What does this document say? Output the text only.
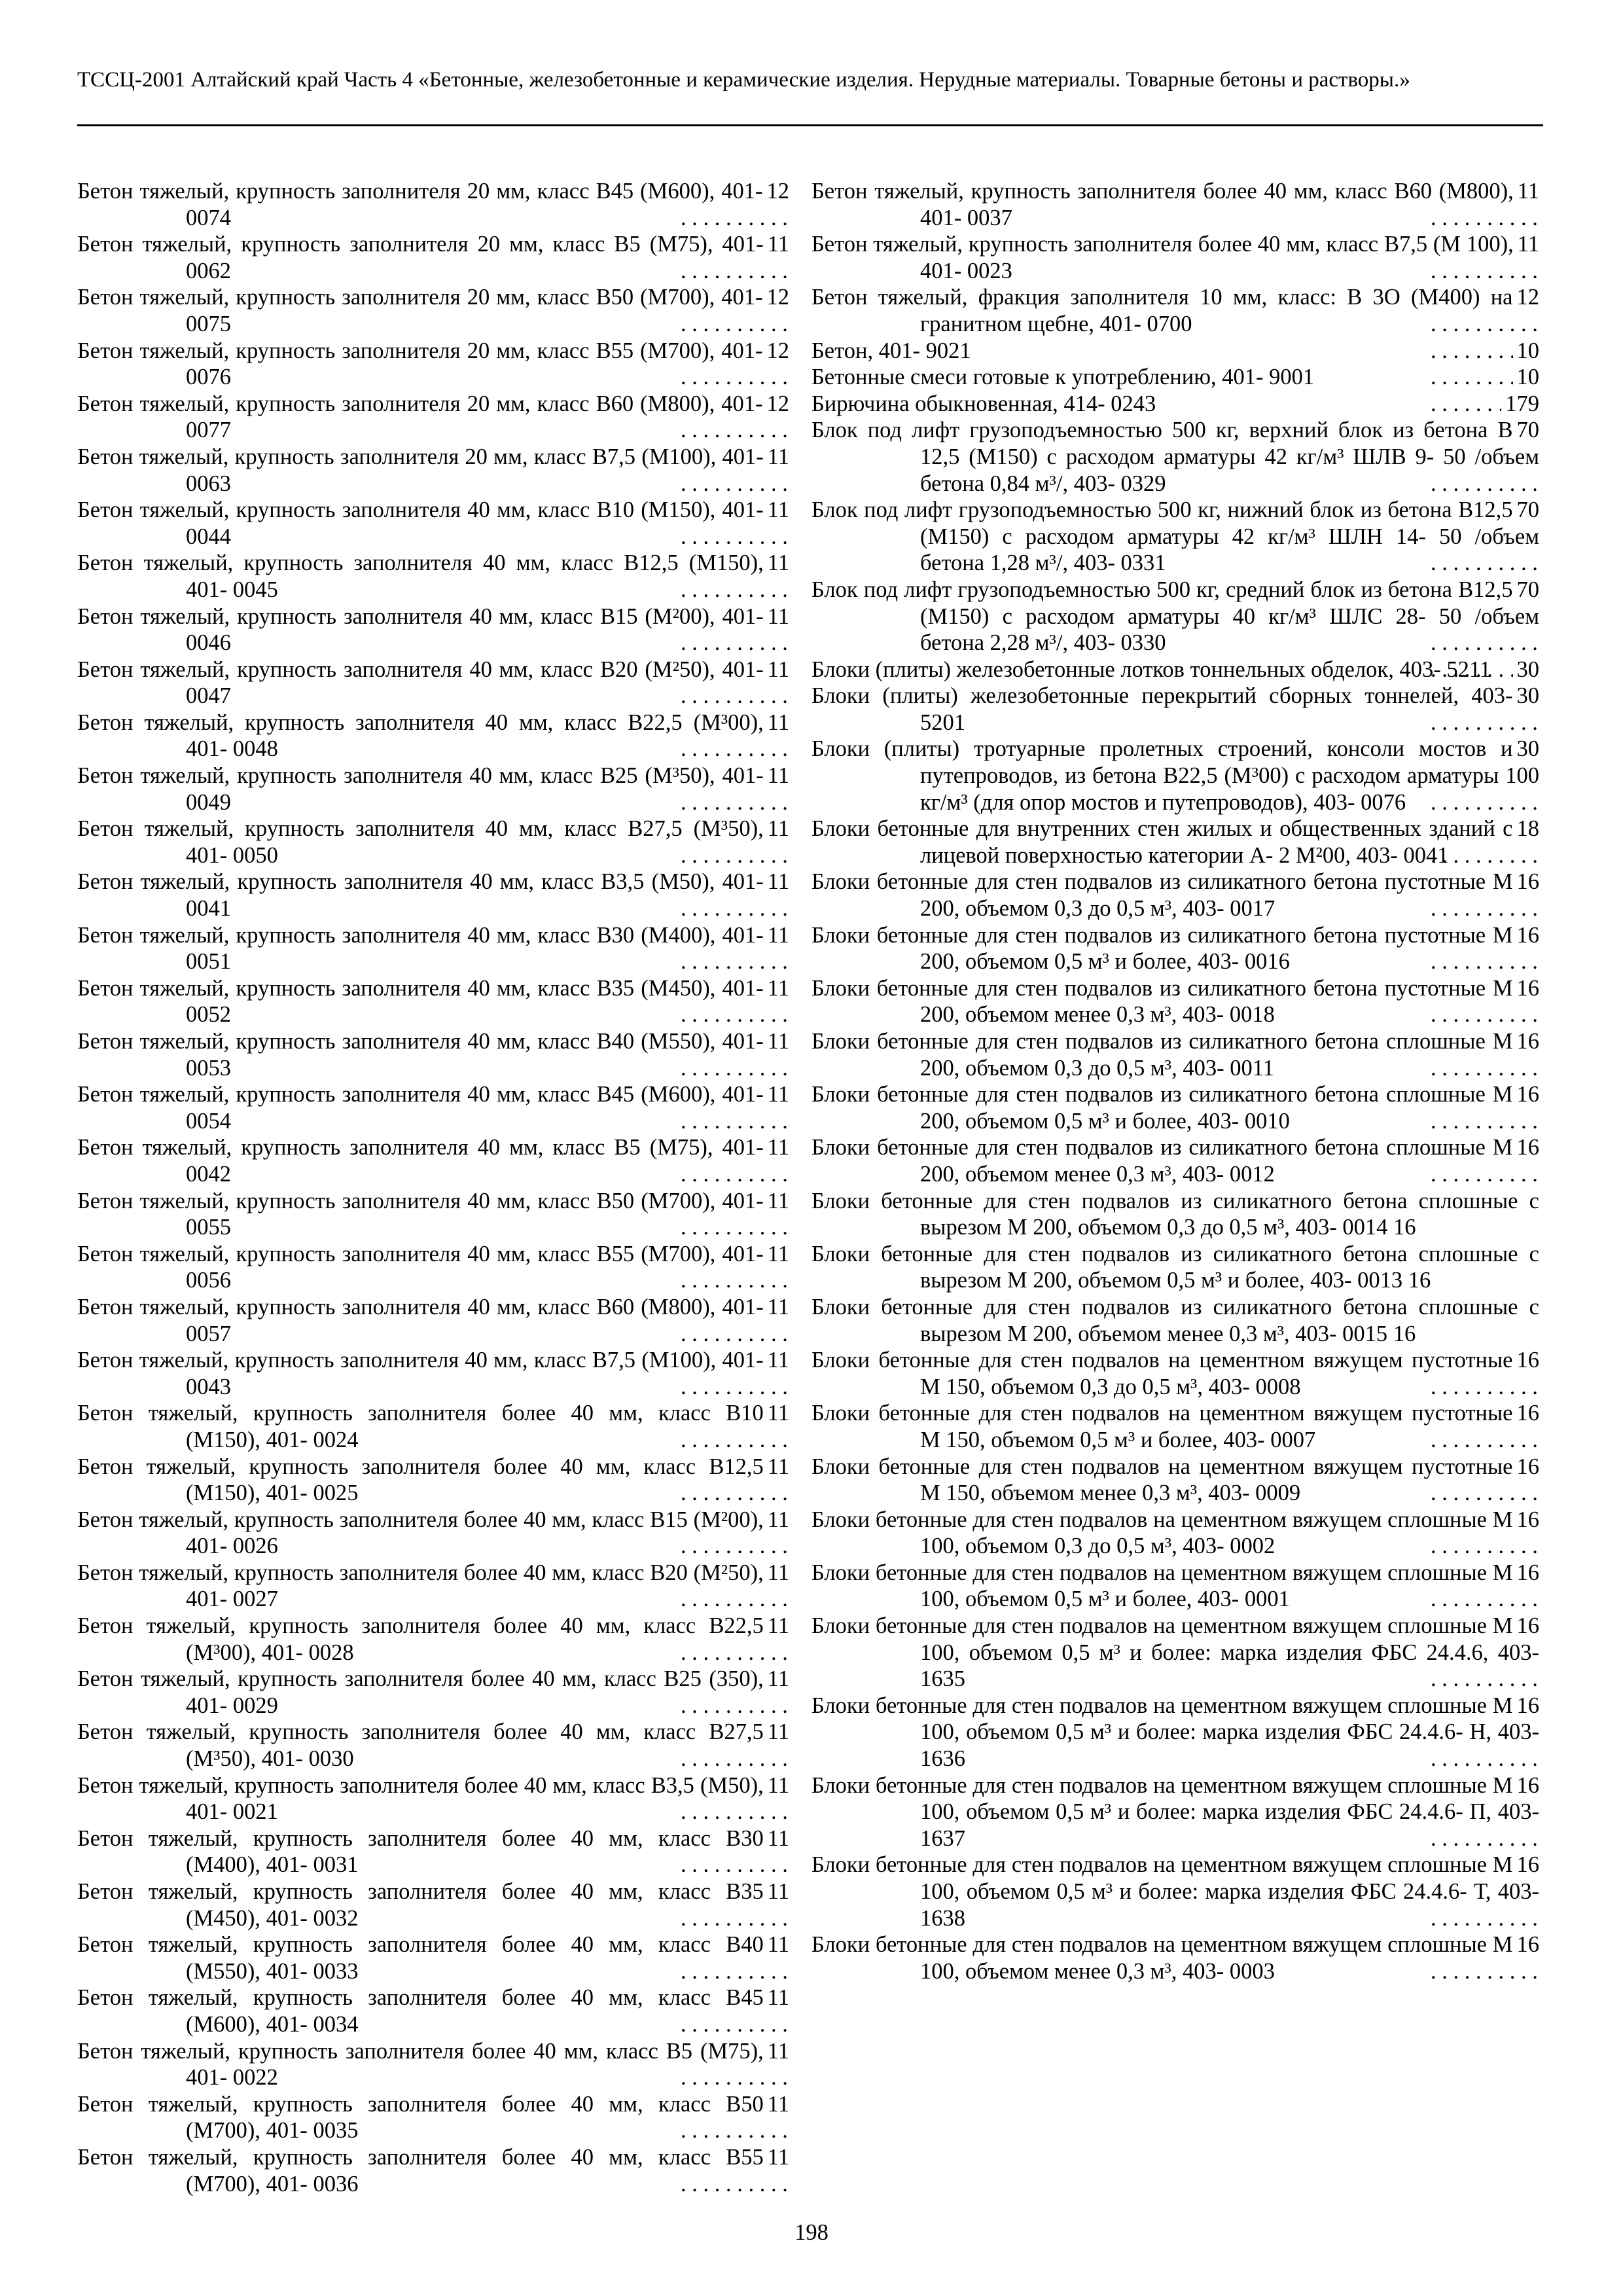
ТССЦ-2001 Алтайский край Часть 4 «Бетонные, железобетонные и керамические изделия. Нерудные материалы. Товарные бетоны и растворы.»
12
Бетон тяжелый, крупность заполнителя 20 мм, класс В45 (М600), 401- 0074 . . .
11
Бетон тяжелый, крупность заполнителя 20 мм, класс В5 (М75), 401- 0062 . . .
12
Бетон тяжелый, крупность заполнителя 20 мм, класс В50 (М700), 401- 0075 . . .
12
Бетон тяжелый, крупность заполнителя 20 мм, класс В55 (М700), 401- 0076 . . .
12
Бетон тяжелый, крупность заполнителя 20 мм, класс В60 (М800), 401- 0077 . . .
11
Бетон тяжелый, крупность заполнителя 20 мм, класс В7,5 (М100), 401- 0063 . . .
11
Бетон тяжелый, крупность заполнителя 40 мм, класс В10 (М150), 401- 0044 . . .
11
Бетон тяжелый, крупность заполнителя 40 мм, класс В12,5 (М150), 401- 0045 . . .
11
Бетон тяжелый, крупность заполнителя 40 мм, класс В15 (М²00), 401- 0046 . . .
11
Бетон тяжелый, крупность заполнителя 40 мм, класс В20 (М²50), 401- 0047 . . .
11
Бетон тяжелый, крупность заполнителя 40 мм, класс В22,5 (М³00), 401- 0048 . . .
11
Бетон тяжелый, крупность заполнителя 40 мм, класс В25 (М³50), 401- 0049 . . .
11
Бетон тяжелый, крупность заполнителя 40 мм, класс В27,5 (М³50), 401- 0050 . . .
11
Бетон тяжелый, крупность заполнителя 40 мм, класс В3,5 (М50), 401- 0041 . . .
11
Бетон тяжелый, крупность заполнителя 40 мм, класс В30 (М400), 401- 0051 . . .
11
Бетон тяжелый, крупность заполнителя 40 мм, класс В35 (М450), 401- 0052 . . .
11
Бетон тяжелый, крупность заполнителя 40 мм, класс В40 (М550), 401- 0053 . . .
11
Бетон тяжелый, крупность заполнителя 40 мм, класс В45 (М600), 401- 0054 . . .
11
Бетон тяжелый, крупность заполнителя 40 мм, класс В5 (М75), 401- 0042 . . .
11
Бетон тяжелый, крупность заполнителя 40 мм, класс В50 (М700), 401- 0055 . . .
11
Бетон тяжелый, крупность заполнителя 40 мм, класс В55 (М700), 401- 0056 . . .
11
Бетон тяжелый, крупность заполнителя 40 мм, класс В60 (М800), 401- 0057 . . .
11
Бетон тяжелый, крупность заполнителя 40 мм, класс В7,5 (М100), 401- 0043 . . .
11
Бетон тяжелый, крупность заполнителя более 40 мм, класс В10 (М150), 401- 0024 . . .
11
Бетон тяжелый, крупность заполнителя более 40 мм, класс В12,5 (М150), 401- 0025 . . .
11
Бетон тяжелый, крупность заполнителя более 40 мм, класс В15 (М²00), 401- 0026 . . .
11
Бетон тяжелый, крупность заполнителя более 40 мм, класс В20 (М²50), 401- 0027 . . .
11
Бетон тяжелый, крупность заполнителя более 40 мм, класс В22,5 (М³00), 401- 0028 . . .
11
Бетон тяжелый, крупность заполнителя более 40 мм, класс В25 (350), 401- 0029 . . .
11
Бетон тяжелый, крупность заполнителя более 40 мм, класс В27,5 (М³50), 401- 0030 . . .
11
Бетон тяжелый, крупность заполнителя более 40 мм, класс В3,5 (М50), 401- 0021 . . .
11
Бетон тяжелый, крупность заполнителя более 40 мм, класс В30 (М400), 401- 0031 . . .
11
Бетон тяжелый, крупность заполнителя более 40 мм, класс В35 (М450), 401- 0032 . . .
11
Бетон тяжелый, крупность заполнителя более 40 мм, класс В40 (М550), 401- 0033 . . .
11
Бетон тяжелый, крупность заполнителя более 40 мм, класс В45 (М600), 401- 0034 . . .
11
Бетон тяжелый, крупность заполнителя более 40 мм, класс В5 (М75), 401- 0022 . . .
11
Бетон тяжелый, крупность заполнителя более 40 мм, класс В50 (М700), 401- 0035 . . .
11
Бетон тяжелый, крупность заполнителя более 40 мм, класс В55 (М700), 401- 0036 . . .
11
Бетон тяжелый, крупность заполнителя более 40 мм, класс В60 (М800), 401- 0037 . . .
11
Бетон тяжелый, крупность заполнителя более 40 мм, класс В7,5 (М 100), 401- 0023 . . .
12
Бетон тяжелый, фракция заполнителя 10 мм, класс: В 3О (М400) на гранитном щебне, 401- 0700 . . .
10
Бетон, 401- 9021 . . .
10
Бетонные смеси готовые к употреблению, 401- 9001 . . .
179
Бирючина обыкновенная, 414- 0243 . . .
70
Блок под лифт грузоподъемностью 500 кг, верхний блок из бетона В 12,5 (М150) с расходом арматуры 42 кг/м³ ШЛВ 9- 50 /объем бетона 0,84 м³/, 403- 0329 . . .
70
Блок под лифт грузоподъемностью 500 кг, нижний блок из бетона В12,5 (М150) с расходом арматуры 42 кг/м³ ШЛН 14- 50 /объем бетона 1,28 м³/, 403- 0331 . . .
70
Блок под лифт грузоподъемностью 500 кг, средний блок из бетона В12,5 (М150) с расходом арматуры 40 кг/м³ ШЛС 28- 50 /объем бетона 2,28 м³/, 403- 0330 . . .
30
Блоки (плиты) железобетонные лотков тоннельных обделок, 403- 5211 . . .
30
Блоки (плиты) железобетонные перекрытий сборных тоннелей, 403- 5201 . . .
30
Блоки (плиты) тротуарные пролетных строений, консоли мостов и путепроводов, из бетона В22,5 (М³00) с расходом арматуры 100 кг/м³ (для опор мостов и путепроводов), 403- 0076 . . .
18
Блоки бетонные для внутренних стен жилых и общественных зданий с лицевой поверхностью категории А- 2 М²00, 403- 0041 . . .
16
Блоки бетонные для стен подвалов из силикатного бетона пустотные М 200, объемом 0,3 до 0,5 м³, 403- 0017 . . .
16
Блоки бетонные для стен подвалов из силикатного бетона пустотные М 200, объемом 0,5 м³ и более, 403- 0016 . . .
16
Блоки бетонные для стен подвалов из силикатного бетона пустотные М 200, объемом менее 0,3 м³, 403- 0018 . . .
16
Блоки бетонные для стен подвалов из силикатного бетона сплошные М 200, объемом 0,3 до 0,5 м³, 403- 0011 . . .
16
Блоки бетонные для стен подвалов из силикатного бетона сплошные М 200, объемом 0,5 м³ и более, 403- 0010 . . .
16
Блоки бетонные для стен подвалов из силикатного бетона сплошные М 200, объемом менее 0,3 м³, 403- 0012 . . .
Блоки бетонные для стен подвалов из силикатного бетона сплошные с вырезом М 200, объемом 0,3 до 0,5 м³, 403- 0014 16
Блоки бетонные для стен подвалов из силикатного бетона сплошные с вырезом М 200, объемом 0,5 м³ и более, 403- 0013 16
Блоки бетонные для стен подвалов из силикатного бетона сплошные с вырезом М 200, объемом менее 0,3 м³, 403- 0015 16
16
Блоки бетонные для стен подвалов на цементном вяжущем пустотные М 150, объемом 0,3 до 0,5 м³, 403- 0008 . . .
16
Блоки бетонные для стен подвалов на цементном вяжущем пустотные М 150, объемом 0,5 м³ и более, 403- 0007 . . .
16
Блоки бетонные для стен подвалов на цементном вяжущем пустотные М 150, объемом менее 0,3 м³, 403- 0009 . . .
16
Блоки бетонные для стен подвалов на цементном вяжущем сплошные М 100, объемом 0,3 до 0,5 м³, 403- 0002 . . .
16
Блоки бетонные для стен подвалов на цементном вяжущем сплошные М 100, объемом 0,5 м³ и более, 403- 0001 . . .
16
Блоки бетонные для стен подвалов на цементном вяжущем сплошные М 100, объемом 0,5 м³ и более: марка изделия ФБС 24.4.6, 403- 1635 . . .
16
Блоки бетонные для стен подвалов на цементном вяжущем сплошные М 100, объемом 0,5 м³ и более: марка изделия ФБС 24.4.6- Н, 403- 1636 . . .
16
Блоки бетонные для стен подвалов на цементном вяжущем сплошные М 100, объемом 0,5 м³ и более: марка изделия ФБС 24.4.6- П, 403- 1637 . . .
16
Блоки бетонные для стен подвалов на цементном вяжущем сплошные М 100, объемом 0,5 м³ и более: марка изделия ФБС 24.4.6- Т, 403- 1638 . . .
16
Блоки бетонные для стен подвалов на цементном вяжущем сплошные М 100, объемом менее 0,3 м³, 403- 0003 . . .
198
